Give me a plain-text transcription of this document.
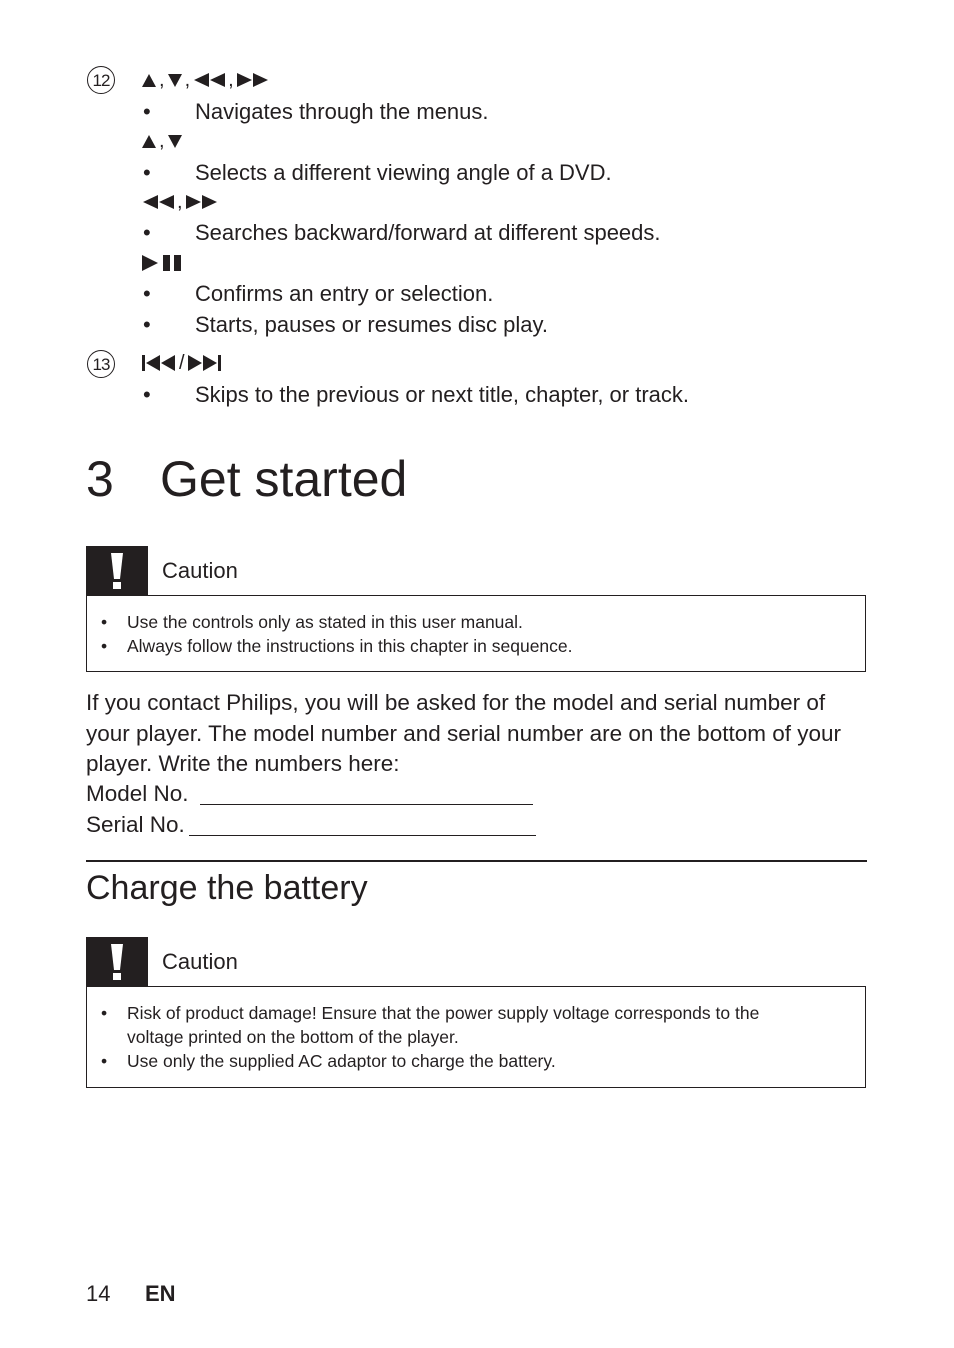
12 , , ,
• Navigates through the menus.
,
• Selects a different viewing angle of a DVD.
,
• Searches backward/forward at different speeds.
• Confirms an entry or selection.
• Starts, pauses or resumes disc play.
13	/
• Skips to the previous or next title, chapter, or track.
3 Get started
Caution
• Use the controls only as stated in this user manual.
• Always follow the instructions in this chapter in sequence.
If you contact Philips, you will be asked for the model and serial number of
your player. The model number and serial number are on the bottom of your
player. Write the numbers here:
Model No.
Serial No.
Charge the battery
Caution
• Risk of product damage! Ensure that the power supply voltage corresponds to the
voltage printed on the bottom of the player.
• Use only the supplied AC adaptor to charge the battery.
14 EN
